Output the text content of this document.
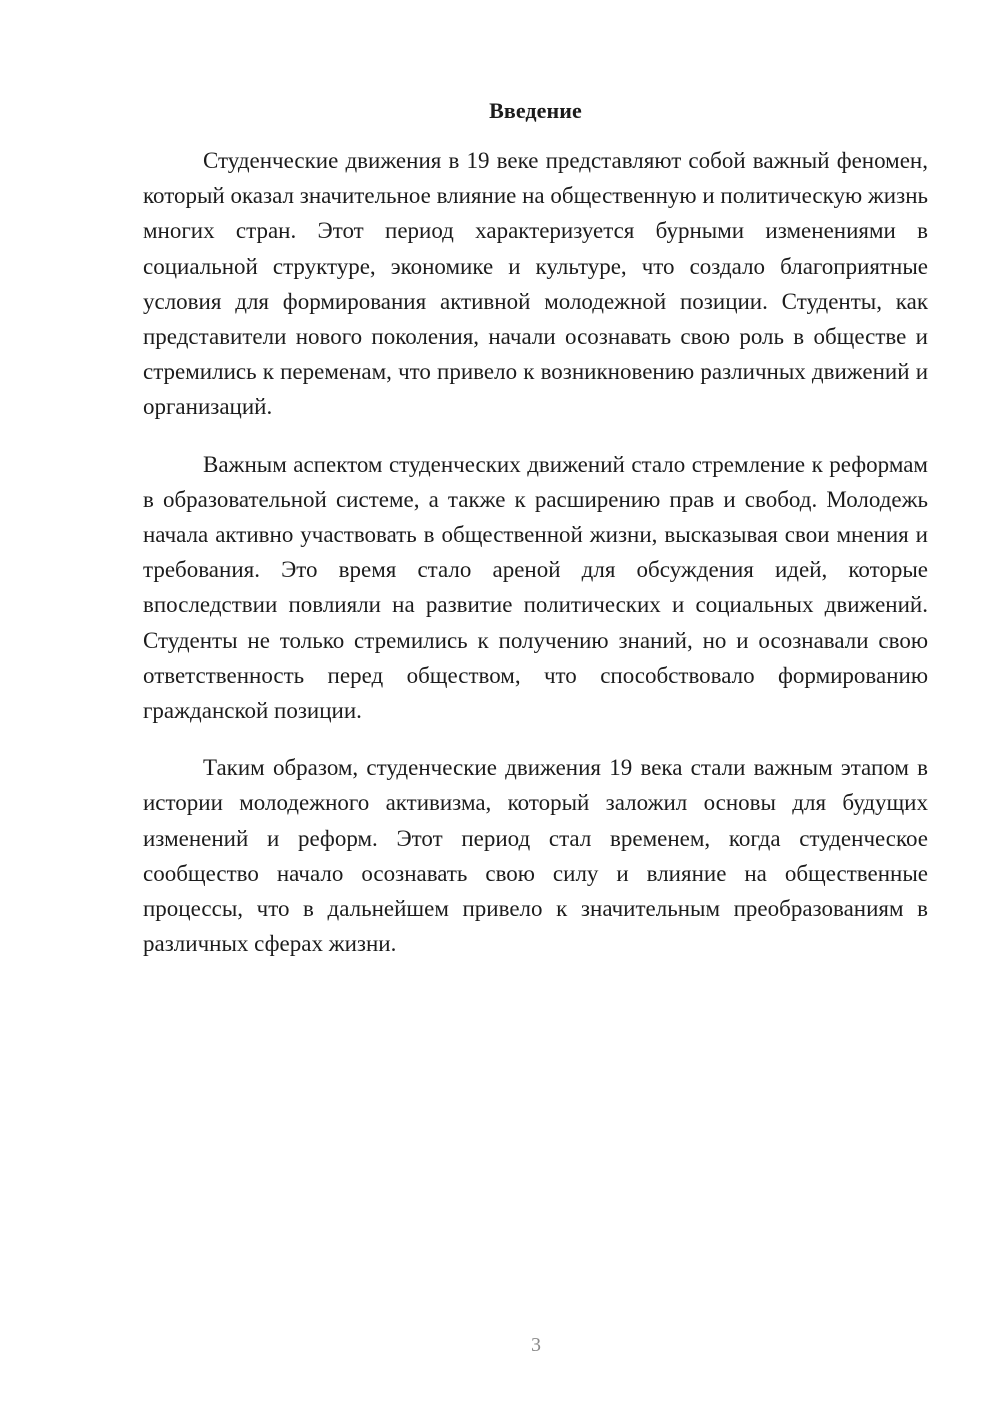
Введение

Студенческие движения в 19 веке представляют собой важный феномен, который оказал значительное влияние на общественную и политическую жизнь многих стран. Этот период характеризуется бурными изменениями в социальной структуре, экономике и культуре, что создало благоприятные условия для формирования активной молодежной позиции. Студенты, как представители нового поколения, начали осознавать свою роль в обществе и стремились к переменам, что привело к возникновению различных движений и организаций.

Важным аспектом студенческих движений стало стремление к реформам в образовательной системе, а также к расширению прав и свобод. Молодежь начала активно участвовать в общественной жизни, высказывая свои мнения и требования. Это время стало ареной для обсуждения идей, которые впоследствии повлияли на развитие политических и социальных движений. Студенты не только стремились к получению знаний, но и осознавали свою ответственность перед обществом, что способствовало формированию гражданской позиции.

Таким образом, студенческие движения 19 века стали важным этапом в истории молодежного активизма, который заложил основы для будущих изменений и реформ. Этот период стал временем, когда студенческое сообщество начало осознавать свою силу и влияние на общественные процессы, что в дальнейшем привело к значительным преобразованиям в различных сферах жизни.

3
